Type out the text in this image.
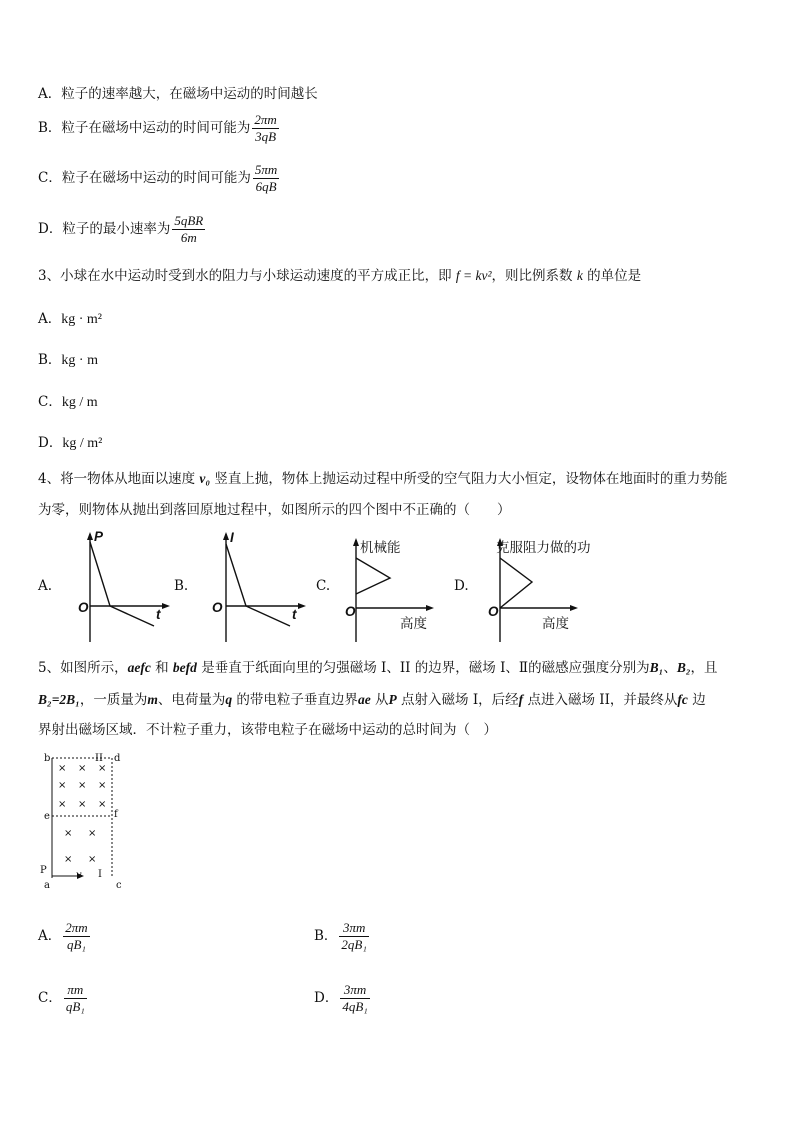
A．粒子的速率越大，在磁场中运动的时间越长
B．粒子在磁场中运动的时间可能为 $\frac{2\pi m}{3qB}$
C．粒子在磁场中运动的时间可能为 $\frac{5\pi m}{6qB}$
D．粒子的最小速率为 $\frac{\text{5qBR}}{6m}$
3、小球在水中运动时受到水的阻力与小球运动速度的平方成正比，即 f = kv²，则比例系数 k 的单位是
A．kg · m²
B．kg · m
C．kg / m
D．kg / m²
4、将一物体从地面以速度 v₀ 竖直上抛，物体上抛运动过程中所受的空气阻力大小恒定，设物体在地面时的重力势能
为零，则物体从抛出到落回原地过程中，如图所示的四个图中不正确的（　　）
A.	B.	C.	D.
P
O	t
I
O	t
机械能
O
高度
克服阻力做的功
O
高度
5、如图所示，aefc 和 befd 是垂直于纸面向里的匀强磁场 I、II 的边界，磁场 I、Ⅱ的磁感应强度分别为B₁、B₂，且
B₂=2B₁，一质量为m、电荷量为q 的带电粒子垂直边界ae 从P 点射入磁场 I，后经f 点进入磁场 II，并最终从fc 边
界射出磁场区域．不计粒子重力，该带电粒子在磁场中运动的总时间为（　）
× × ×
× × ×
× × ×
× ×
× ×
b	II d
e	f
P	v I
a	c
A． $\frac{2\pi m}{\text{qB₁}}$	B． $\frac{3\pi m}{\text{2qB₁}}$
C． $\frac{\pi m}{\text{qB₁}}$	D． $\frac{3\pi m}{\text{4qB₁}}$
